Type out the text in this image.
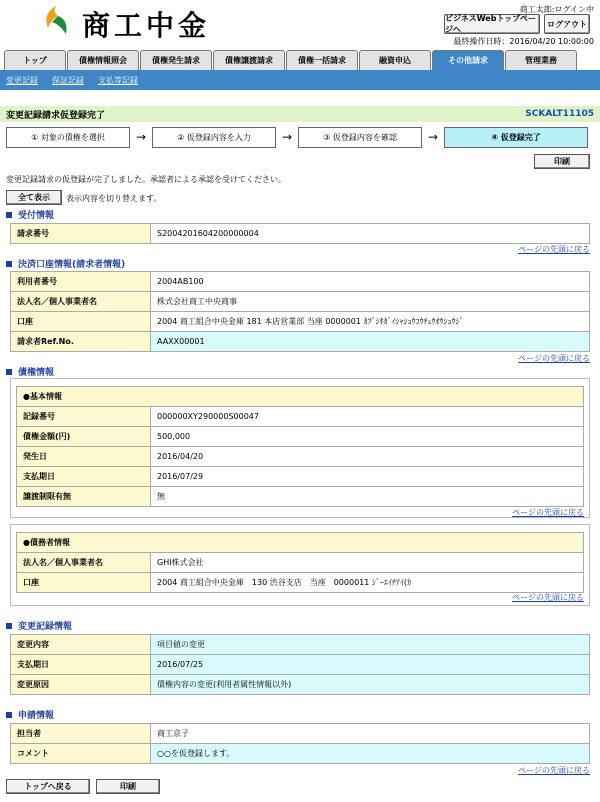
商工中金	商工太郎:ログイン中
ビジネスWebトップページへ
ログアウト
最終操作日時：2016/04/20 10:00:00
トップ	債権情報照会	債権発生請求	債権譲渡請求	債権一括請求	融資申込	その他請求	管理業務
変更記録 保証記録 支払等記録
変更記録請求仮登録完了	SCKALT11105
① 対象の債権を選択	→	② 仮登録内容を入力	→	③ 仮登録内容を確認	→	④ 仮登録完了
印刷
変更記録請求の仮登録が完了しました。承認者による承認を受けてください。
全て表示	表示内容を切り替えます。
受付情報
請求番号	S2004201604200000004
ページの先頭に戻る
決済口座情報(請求者情報)
利用者番号	2004AB100
法人名／個人事業者名	株式会社商工中央商事
口座	2004 商工組合中央金庫 181 本店営業部 当座 0000001 ｶﾌﾞｼｷｶﾞｲｼｬｼｮｳｺｳﾁｭｳｵｳｼｮｳｼﾞ
請求者Ref.No.	AAXX00001
ページの先頭に戻る
債権情報
●基本情報	
記録番号	000000XY290000S00047
債権金額(円)	500,000
発生日	2016/04/20
支払期日	2016/07/29
譲渡制限有無	無
ページの先頭に戻る
●債務者情報	
法人名／個人事業者名	GHI株式会社
口座	2004 商工組合中央金庫　130 渋谷支店　当座　0000011 ｼﾞｰｴｲﾁｱｲ(ｶ
ページの先頭に戻る
変更記録情報
変更内容	項目値の変更
支払期日	2016/07/25
変更原因	債権内容の変更(利用者属性情報以外)
申請情報
担当者	商工京子
コメント	○○を仮登録します。
ページの先頭に戻る
トップへ戻る	印刷
